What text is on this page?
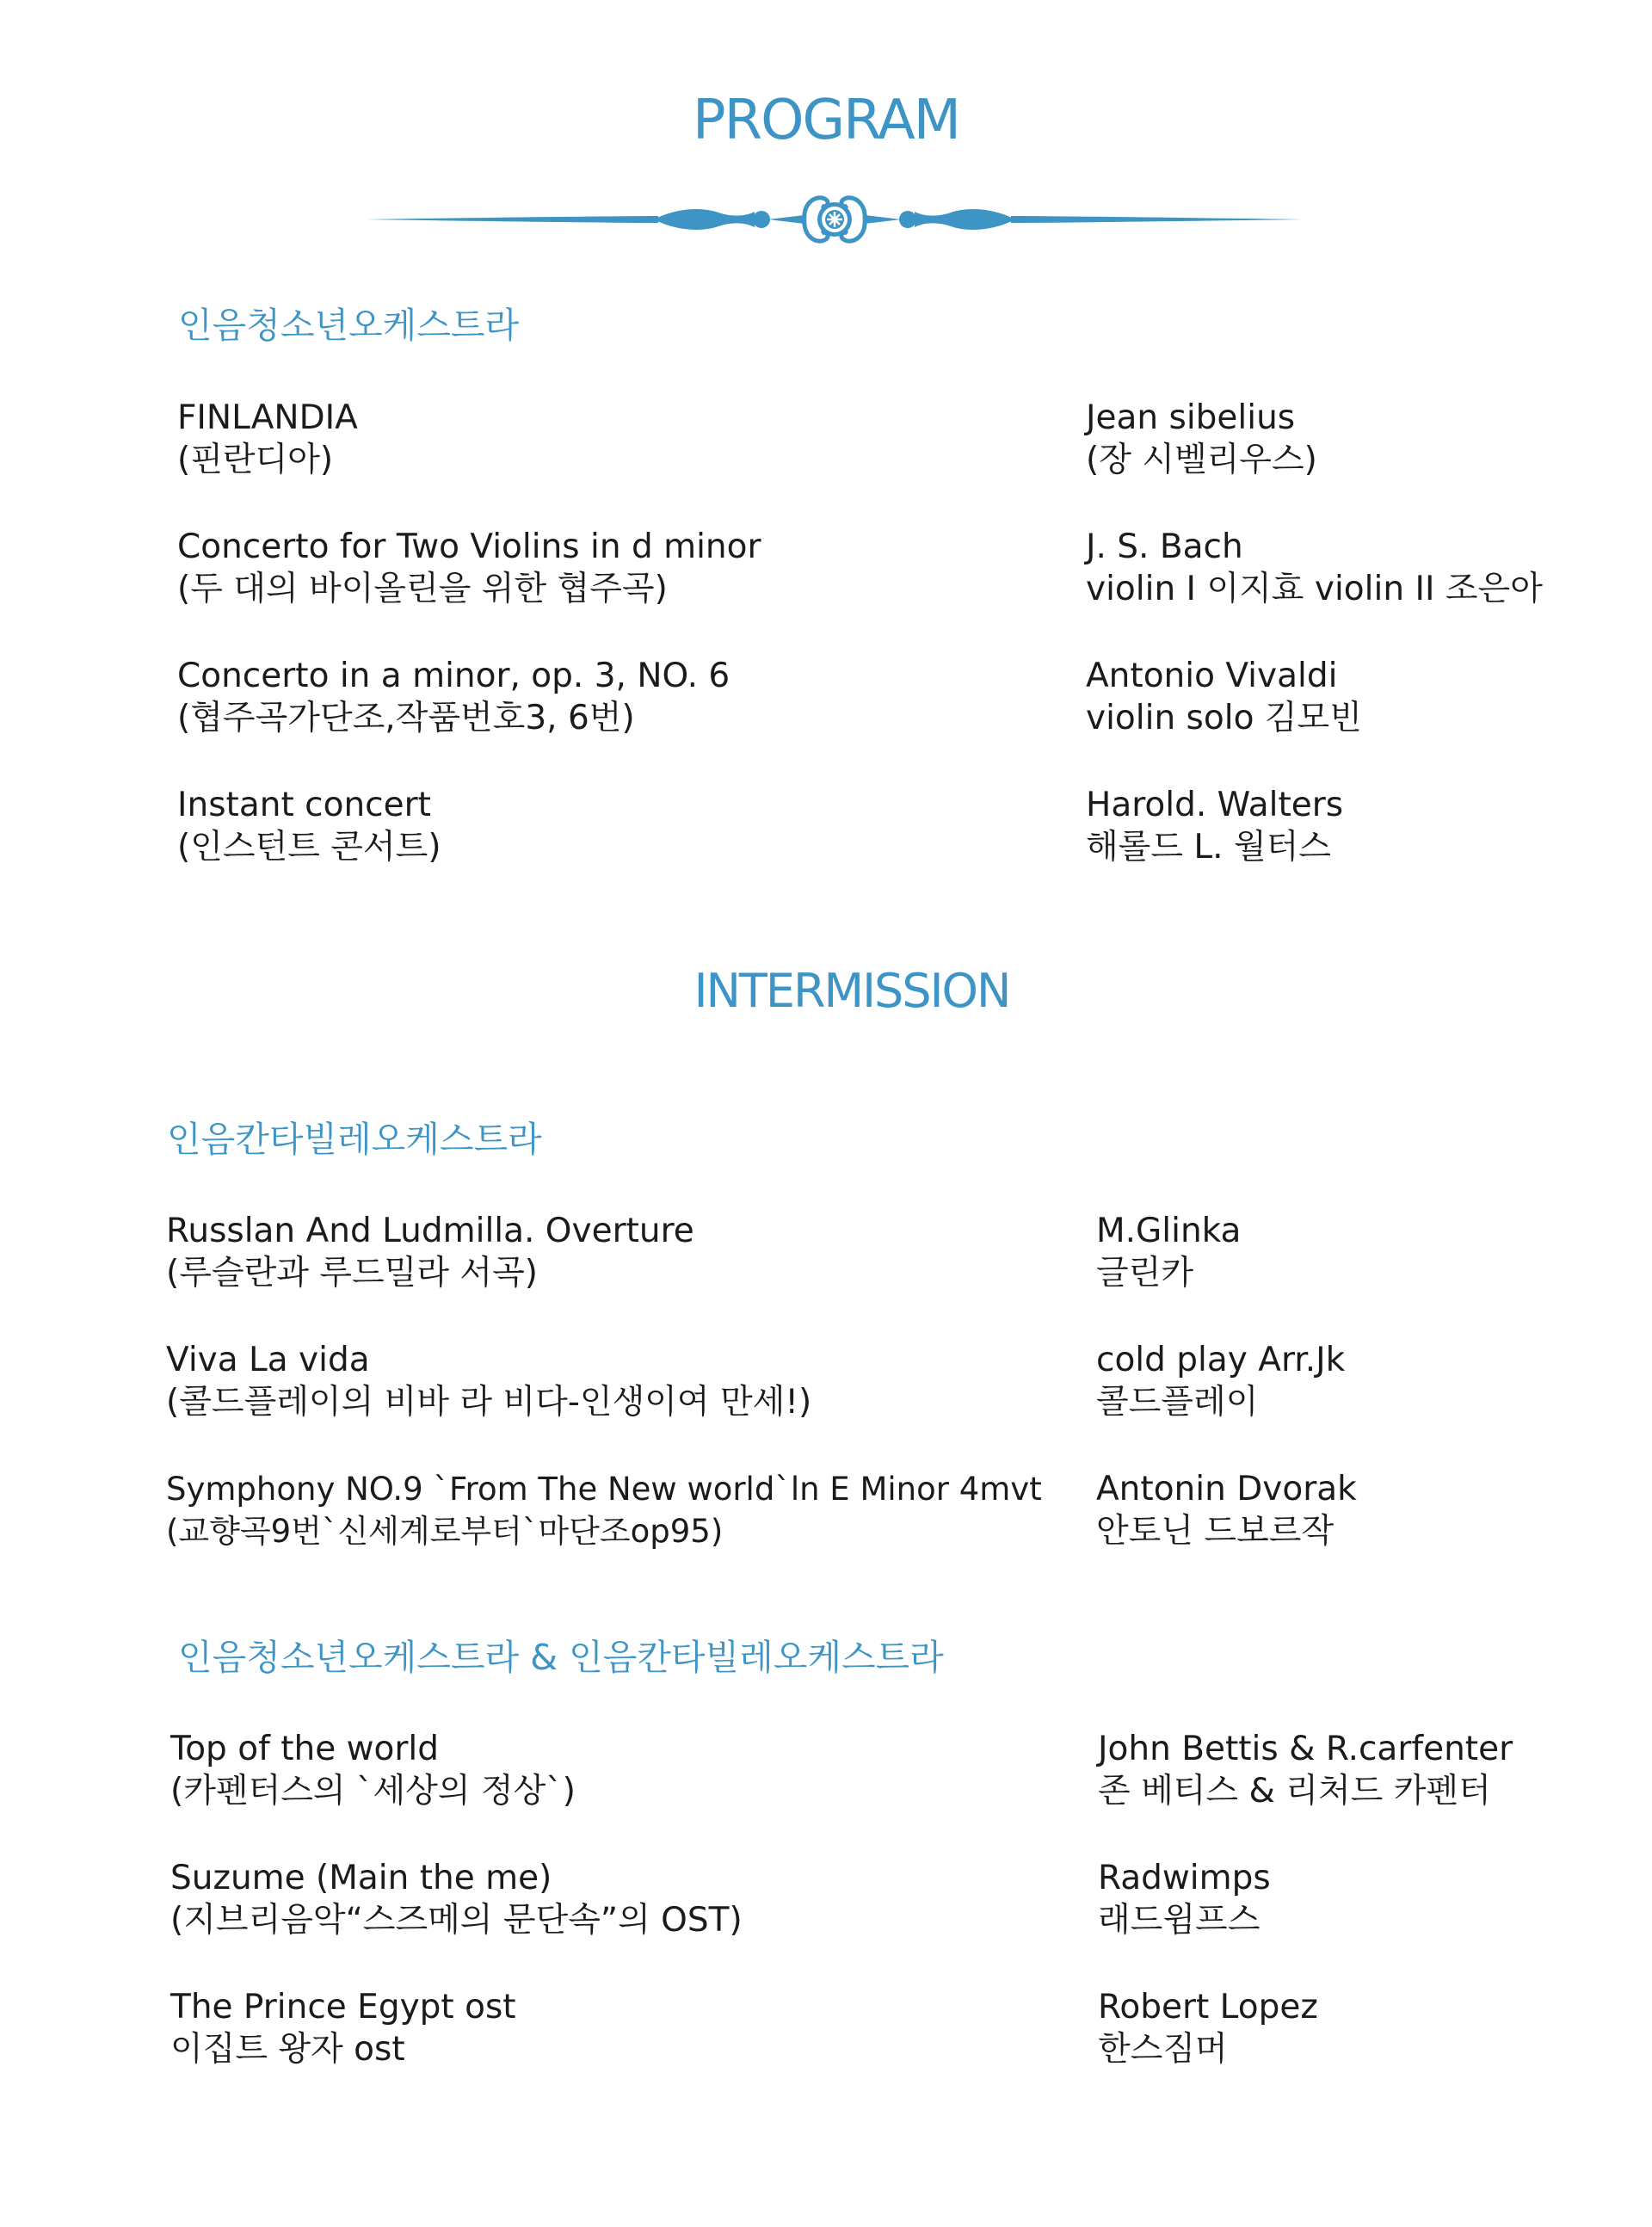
PROGRAM
인음청소년오케스트라
FINLANDIA
(핀란디아)
Jean sibelius
(장 시벨리우스)
Concerto for Two Violins in d minor
(두 대의 바이올린을 위한 협주곡)
J. S. Bach
violin I 이지효 violin II 조은아
Concerto in a minor, op. 3, NO. 6
(협주곡가단조,작품번호3, 6번)
Antonio Vivaldi
violin solo 김모빈
Instant concert
(인스턴트 콘서트)
Harold. Walters
해롤드 L. 월터스
INTERMISSION
인음칸타빌레오케스트라
Russlan And Ludmilla. Overture
(루슬란과 루드밀라 서곡)
M.Glinka
글린카
Viva La vida
(콜드플레이의 비바 라 비다-인생이여 만세!)
cold play Arr.Jk
콜드플레이
Symphony NO.9 `From The New world`ln E Minor 4mvt
(교향곡9번`신세계로부터`마단조op95)
Antonin Dvorak
안토닌 드보르작
인음청소년오케스트라 & 인음칸타빌레오케스트라
Top of the world
(카펜터스의 `세상의 정상`)
John Bettis & R.carfenter
존 베티스 & 리처드 카펜터
Suzume (Main the me)
(지브리음악“스즈메의 문단속”의 OST)
Radwimps
래드윔프스
The Prince Egypt ost
이집트 왕자 ost
Robert Lopez
한스짐머
